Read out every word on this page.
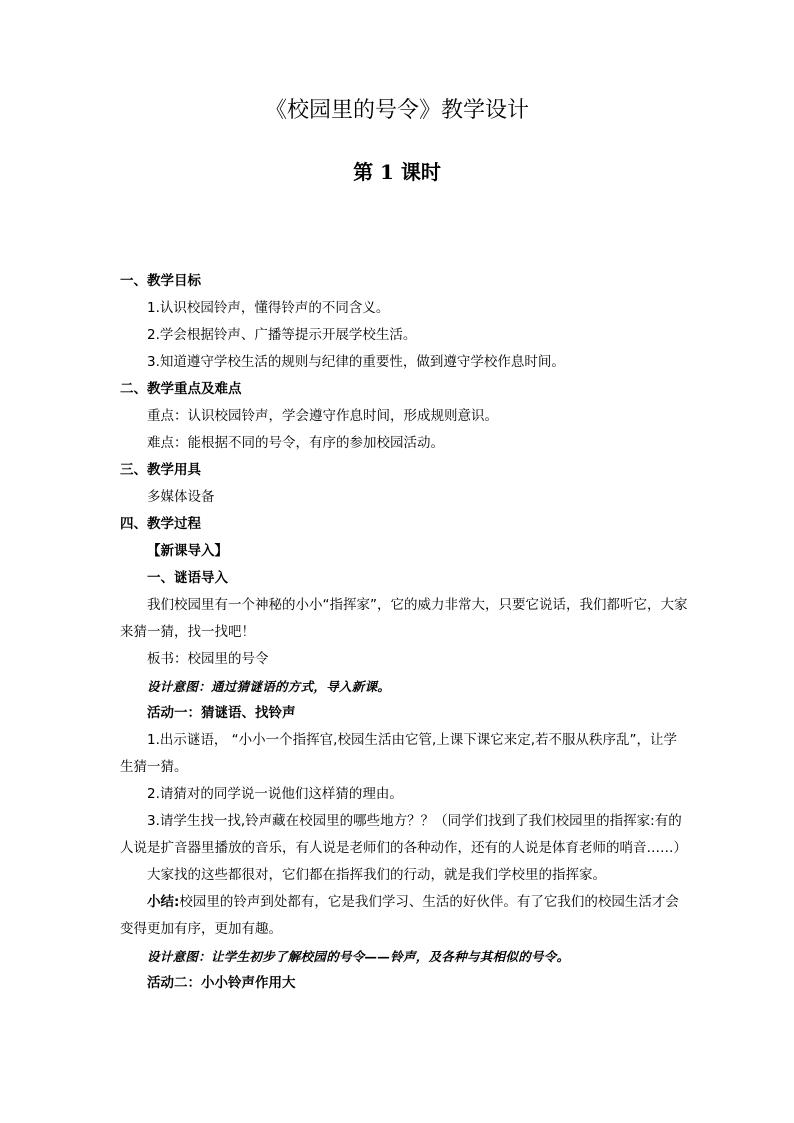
《校园里的号令》教学设计
第 1 课时
一、教学目标
1.认识校园铃声，懂得铃声的不同含义。
2.学会根据铃声、广播等提示开展学校生活。
3.知道遵守学校生活的规则与纪律的重要性，做到遵守学校作息时间。
二、教学重点及难点
重点：认识校园铃声，学会遵守作息时间，形成规则意识。
难点：能根据不同的号令，有序的参加校园活动。
三、教学用具
多媒体设备
四、教学过程
【新课导入】
一、谜语导入
我们校园里有一个神秘的小小“指挥家”，它的威力非常大，只要它说话，我们都听它，大家来猜一猜，找一找吧！
板书：校园里的号令
设计意图：通过猜谜语的方式，导入新课。
活动一：猜谜语、找铃声
1.出示谜语， “小小一个指挥官,校园生活由它管,上课下课它来定,若不服从秩序乱”，让学生猜一猜。
2.请猜对的同学说一说他们这样猜的理由。
3.请学生找一找,铃声藏在校园里的哪些地方？？（同学们找到了我们校园里的指挥家:有的人说是扩音器里播放的音乐，有人说是老师们的各种动作，还有的人说是体育老师的哨音……）
大家找的这些都很对，它们都在指挥我们的行动，就是我们学校里的指挥家。
小结:校园里的铃声到处都有，它是我们学习、生活的好伙伴。有了它我们的校园生活才会变得更加有序，更加有趣。
设计意图：让学生初步了解校园的号令——铃声，及各种与其相似的号令。
活动二：小小铃声作用大
